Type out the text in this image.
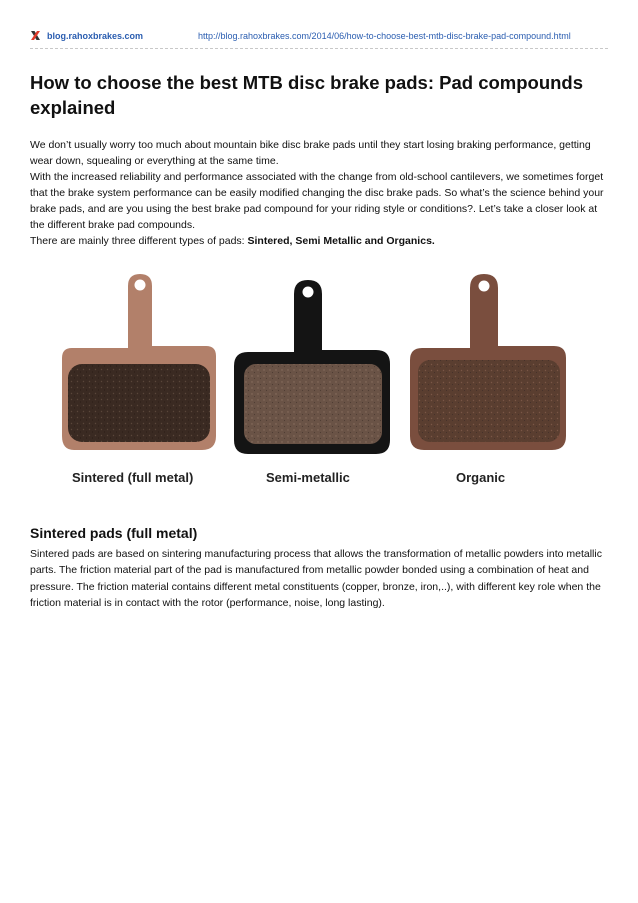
blog.rahoxbrakes.com	http://blog.rahoxbrakes.com/2014/06/how-to-choose-best-mtb-disc-brake-pad-compound.html
How to choose the best MTB disc brake pads: Pad compounds explained

We don’t usually worry too much about mountain bike disc brake pads until they start losing braking performance, getting wear down, squealing or everything at the same time.

With the increased reliability and performance associated with the change from old-school cantilevers, we sometimes forget that the brake system performance can be easily modified changing the disc brake pads. So what’s the science behind your brake pads, and are you using the best brake pad compound for your riding style or conditions?. Let’s take a closer look at the different brake pad compounds.

There are mainly three different types of pads: Sintered, Semi Metallic and Organics.

Sintered (full metal)	Semi-metallic	Organic
Sintered pads (full metal)

Sintered pads are based on sintering manufacturing process that allows the transformation of metallic powders into metallic parts. The friction material part of the pad is manufactured from metallic powder bonded using a combination of heat and pressure. The friction material contains different metal constituents (copper, bronze, iron,..), with different key role when the friction material is in contact with the rotor (performance, noise, long lasting).
